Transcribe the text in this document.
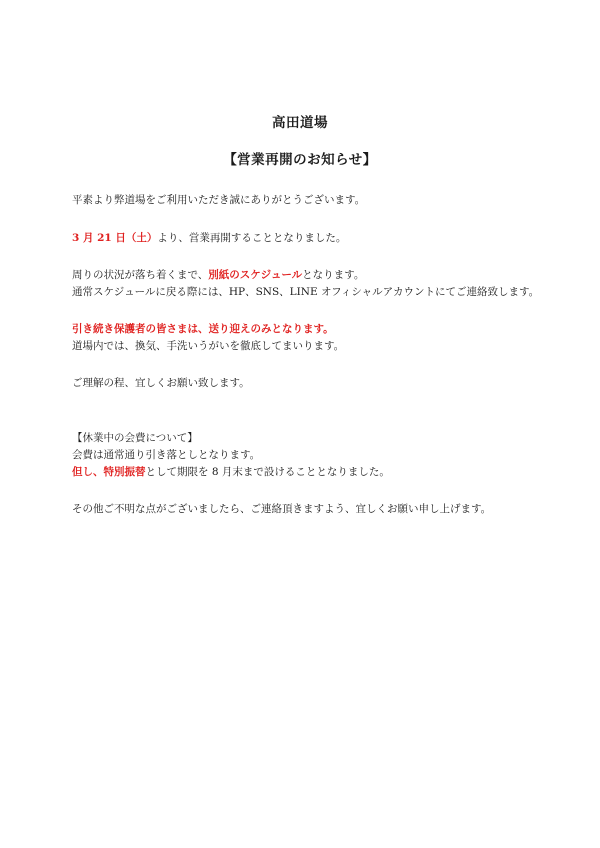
高田道場
【営業再開のお知らせ】
平素より弊道場をご利用いただき誠にありがとうございます。
3 月 21 日（土）より、営業再開することとなりました。
周りの状況が落ち着くまで、別紙のスケジュールとなります。
通常スケジュールに戻る際には、HP、SNS、LINE オフィシャルアカウントにてご連絡致します。
引き続き保護者の皆さまは、送り迎えのみとなります。
道場内では、換気、手洗いうがいを徹底してまいります。
ご理解の程、宜しくお願い致します。
【休業中の会費について】
会費は通常通り引き落としとなります。
但し、特別振替として期限を 8 月末まで設けることとなりました。
その他ご不明な点がございましたら、ご連絡頂きますよう、宜しくお願い申し上げます。
